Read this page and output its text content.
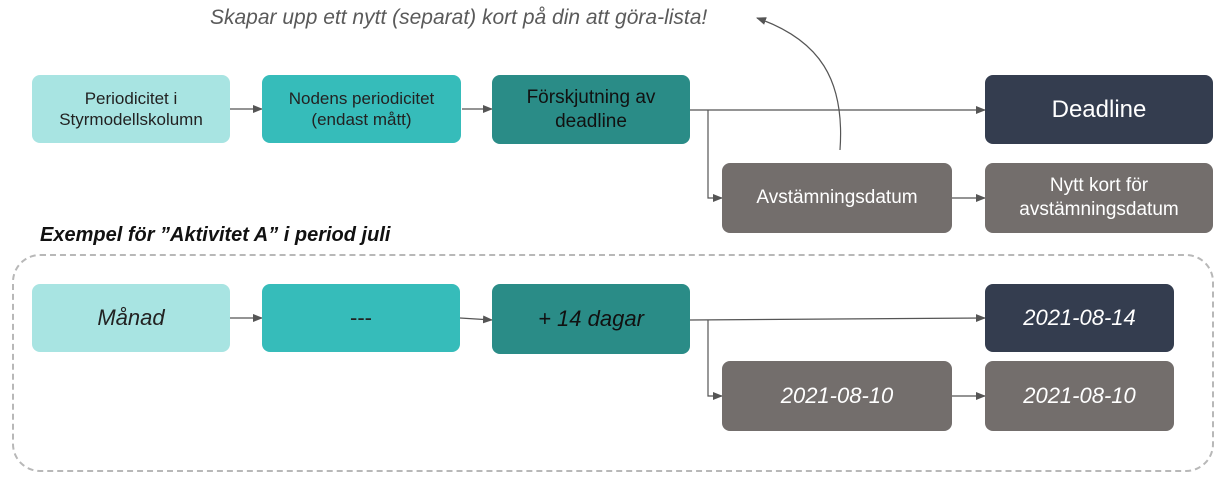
Skapar upp ett nytt (separat) kort på din att göra-lista!
Periodicitet i Styrmodellskolumn
Nodens periodicitet (endast mått)
Förskjutning av deadline	Deadline
Avstämningsdatum
Nytt kort för avstämningsdatum
Exempel för ”Aktivitet A” i period juli
Månad	---	+ 14 dagar	2021-08-14
2021-08-10	2021-08-10
